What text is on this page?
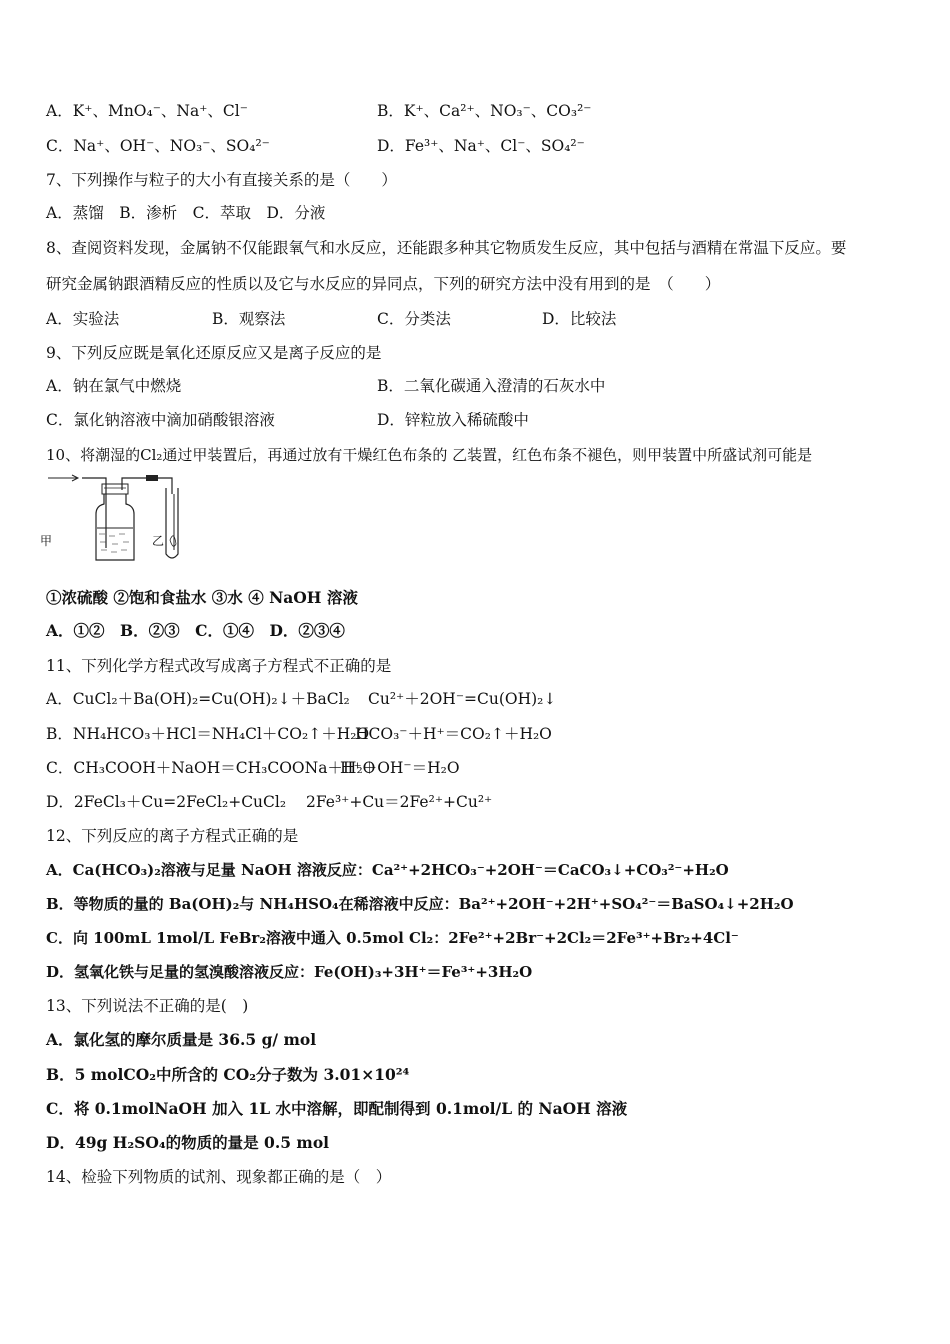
A．K⁺、MnO₄⁻、Na⁺、Cl⁻	B．K⁺、Ca²⁺、NO₃⁻、CO₃²⁻
C．Na⁺、OH⁻、NO₃⁻、SO₄²⁻	D．Fe³⁺、Na⁺、Cl⁻、SO₄²⁻
7、下列操作与粒子的大小有直接关系的是（　　）
A．蒸馏　B．渗析　C．萃取　D．分液
8、查阅资料发现，金属钠不仅能跟氧气和水反应，还能跟多种其它物质发生反应，其中包括与酒精在常温下反应。要
研究金属钠跟酒精反应的性质以及它与水反应的异同点，下列的研究方法中没有用到的是　（　　）
A．实验法	B．观察法	C．分类法	D．比较法
9、下列反应既是氧化还原反应又是离子反应的是
A．钠在氯气中燃烧	B．二氧化碳通入澄清的石灰水中
C．氯化钠溶液中滴加硝酸银溶液	D．锌粒放入稀硫酸中
10、将潮湿的Cl₂通过甲装置后，再通过放有干燥红色布条的 乙装置，红色布条不褪色，则甲装置中所盛试剂可能是
甲	乙
①浓硫酸 ②饱和食盐水 ③水 ④ NaOH 溶液
A．①②　B．②③　C．①④　D．②③④
11、下列化学方程式改写成离子方程式不正确的是
A．CuCl₂＋Ba(OH)₂=Cu(OH)₂↓＋BaCl₂ Cu²⁺＋2OH⁻=Cu(OH)₂↓
B．NH₄HCO₃＋HCl＝NH₄Cl＋CO₂↑＋H₂O
HCO₃⁻＋H⁺＝CO₂↑＋H₂O
C．CH₃COOH＋NaOH＝CH₃COONa＋H₂O
H⁺＋OH⁻＝H₂O
D．2FeCl₃＋Cu=2FeCl₂+CuCl₂ 2Fe³⁺+Cu＝2Fe²⁺+Cu²⁺
12、下列反应的离子方程式正确的是
A．Ca(HCO₃)₂溶液与足量 NaOH 溶液反应：Ca²⁺+2HCO₃⁻+2OH⁻＝CaCO₃↓+CO₃²⁻+H₂O
B．等物质的量的 Ba(OH)₂与 NH₄HSO₄在稀溶液中反应：Ba²⁺+2OH⁻+2H⁺+SO₄²⁻＝BaSO₄↓+2H₂O
C．向 100mL 1mol/L FeBr₂溶液中通入 0.5mol Cl₂：2Fe²⁺+2Br⁻+2Cl₂＝2Fe³⁺+Br₂+4Cl⁻
D．氢氧化铁与足量的氢溴酸溶液反应：Fe(OH)₃+3H⁺＝Fe³⁺+3H₂O
13、下列说法不正确的是(　)
A．氯化氢的摩尔质量是 36.5 g/ mol
B．5 molCO₂中所含的 CO₂分子数为 3.01×10²⁴
C．将 0.1molNaOH 加入 1L 水中溶解，即配制得到 0.1mol/L 的 NaOH 溶液
D．49g H₂SO₄的物质的量是 0.5 mol
14、检验下列物质的试剂、现象都正确的是（　）
